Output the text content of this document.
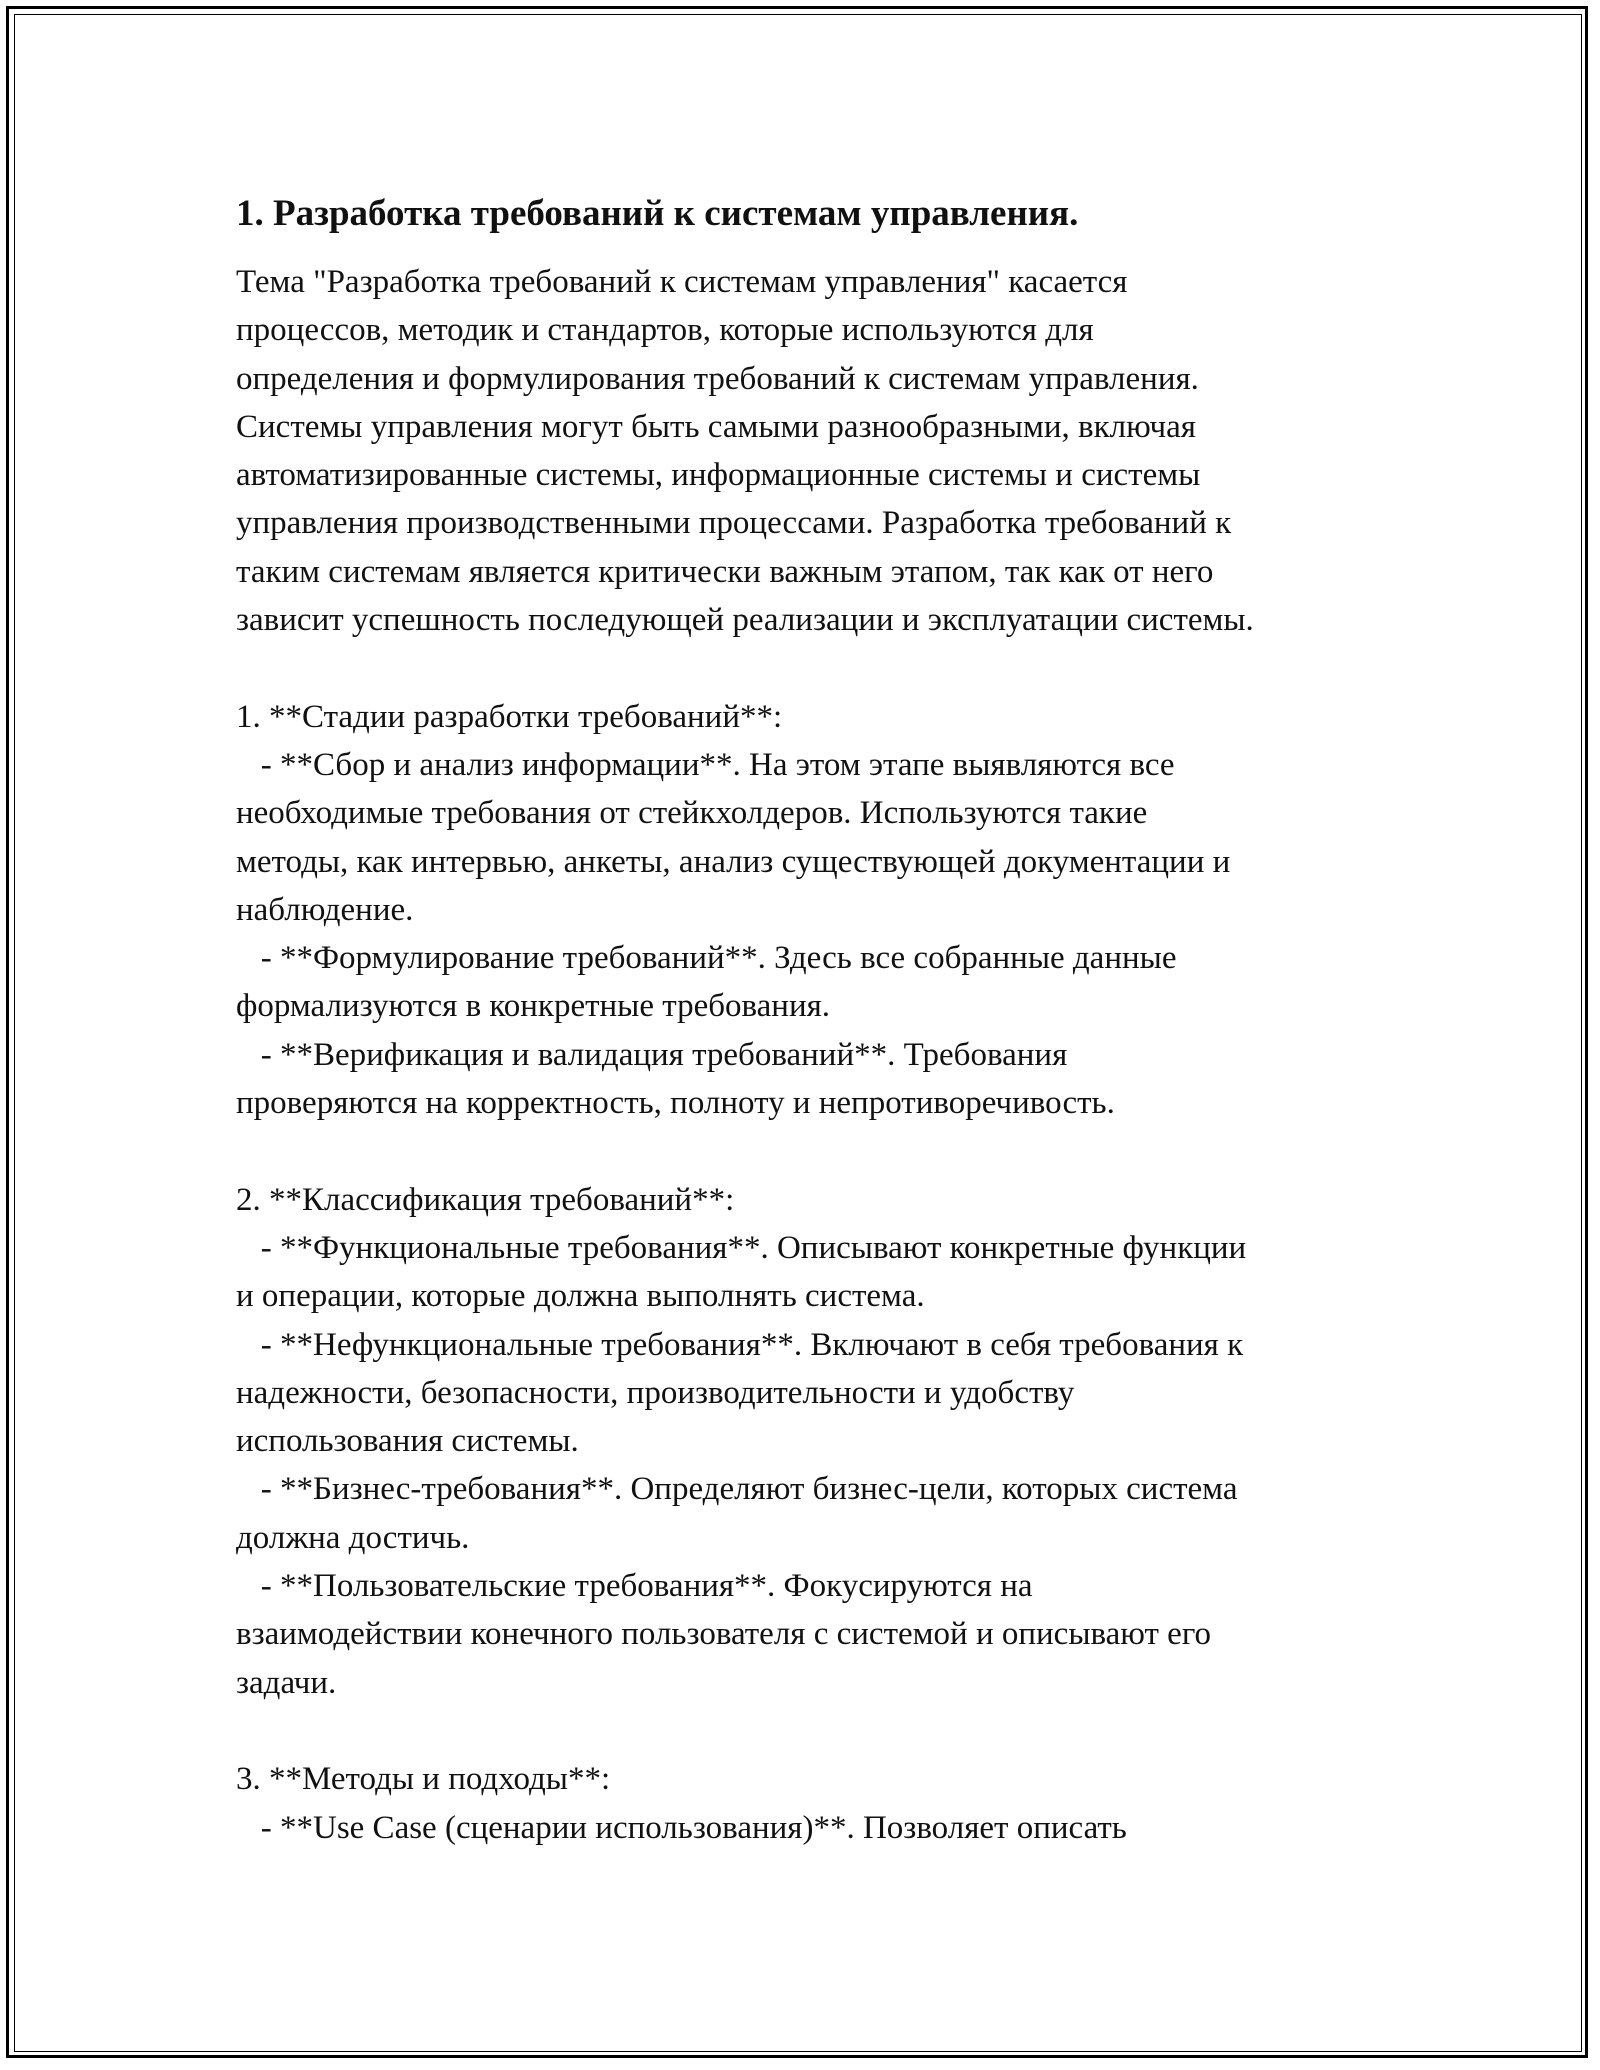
1. Разработка требований к системам управления.
Тема "Разработка требований к системам управления" касается
процессов, методик и стандартов, которые используются для
определения и формулирования требований к системам управления.
Системы управления могут быть самыми разнообразными, включая
автоматизированные системы, информационные системы и системы
управления производственными процессами. Разработка требований к
таким системам является критически важным этапом, так как от него
зависит успешность последующей реализации и эксплуатации системы.
1. **Стадии разработки требований**:
- **Сбор и анализ информации**. На этом этапе выявляются все
необходимые требования от стейкхолдеров. Используются такие
методы, как интервью, анкеты, анализ существующей документации и
наблюдение.
- **Формулирование требований**. Здесь все собранные данные
формализуются в конкретные требования.
- **Верификация и валидация требований**. Требования
проверяются на корректность, полноту и непротиворечивость.
2. **Классификация требований**:
- **Функциональные требования**. Описывают конкретные функции
и операции, которые должна выполнять система.
- **Нефункциональные требования**. Включают в себя требования к
надежности, безопасности, производительности и удобству
использования системы.
- **Бизнес-требования**. Определяют бизнес-цели, которых система
должна достичь.
- **Пользовательские требования**. Фокусируются на
взаимодействии конечного пользователя с системой и описывают его
задачи.
3. **Методы и подходы**:
- **Use Case (сценарии использования)**. Позволяет описать
